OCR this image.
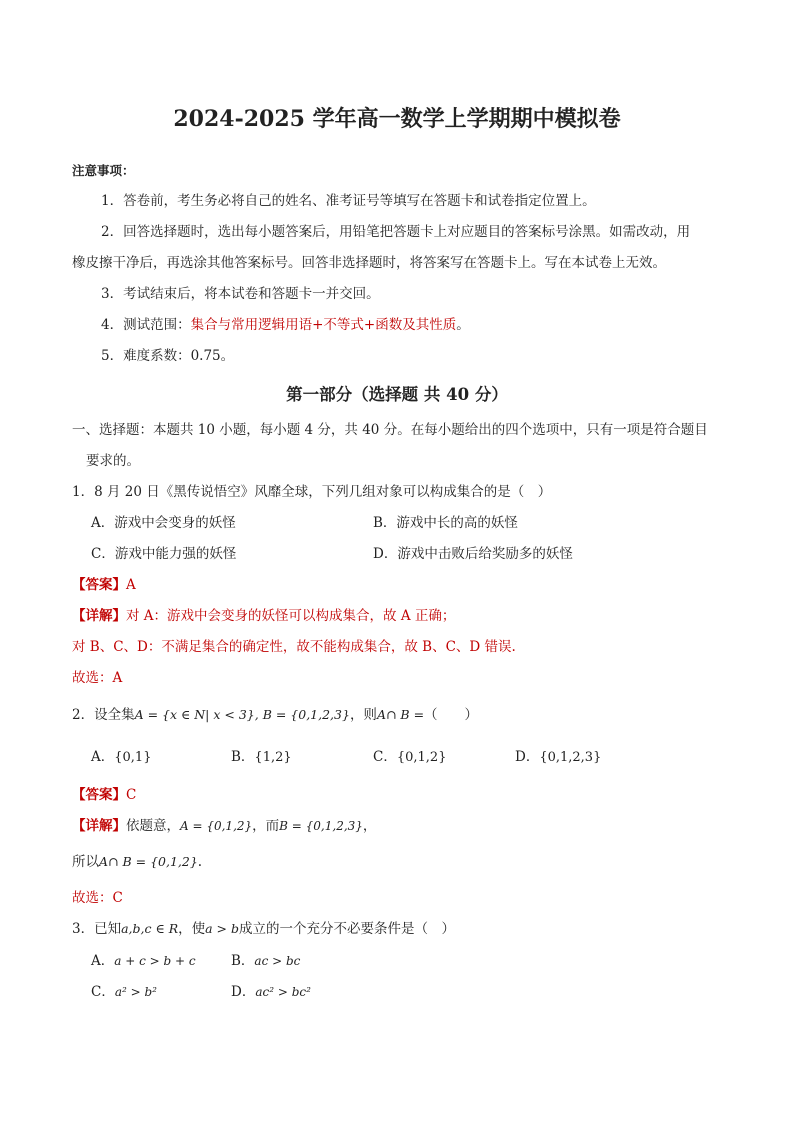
2024-2025 学年高一数学上学期期中模拟卷
注意事项：
1．答卷前，考生务必将自己的姓名、准考证号等填写在答题卡和试卷指定位置上。
2．回答选择题时，选出每小题答案后，用铅笔把答题卡上对应题目的答案标号涂黑。如需改动，用
橡皮擦干净后，再选涂其他答案标号。回答非选择题时，将答案写在答题卡上。写在本试卷上无效。
3．考试结束后，将本试卷和答题卡一并交回。
4．测试范围：集合与常用逻辑用语+不等式+函数及其性质。
5．难度系数：0.75。
第一部分（选择题 共 40 分）
一、选择题：本题共 10 小题，每小题 4 分，共 40 分。在每小题给出的四个选项中，只有一项是符合题目
要求的。
1．8 月 20 日《黑传说悟空》风靡全球，下列几组对象可以构成集合的是（　）
A．游戏中会变身的妖怪	B．游戏中长的高的妖怪
C．游戏中能力强的妖怪	D．游戏中击败后给奖励多的妖怪
【答案】A
【详解】对 A：游戏中会变身的妖怪可以构成集合，故 A 正确；
对 B、C、D：不满足集合的确定性，故不能构成集合，故 B、C、D 错误.
故选：A
2．设全集A = {x ∈ N| x < 3}, B = {0,1,2,3}，则A∩ B =（　　）
A．{0,1}	B．{1,2}	C．{0,1,2}	D．{0,1,2,3}
【答案】C
【详解】依题意，A = {0,1,2}，而B = {0,1,2,3}，
所以A∩ B = {0,1,2}.
故选：C
3．已知a,b,c ∈ R，使a > b成立的一个充分不必要条件是（　）
A．a + c > b + c	B．ac > bc
C．a² > b²	D．ac² > bc²
